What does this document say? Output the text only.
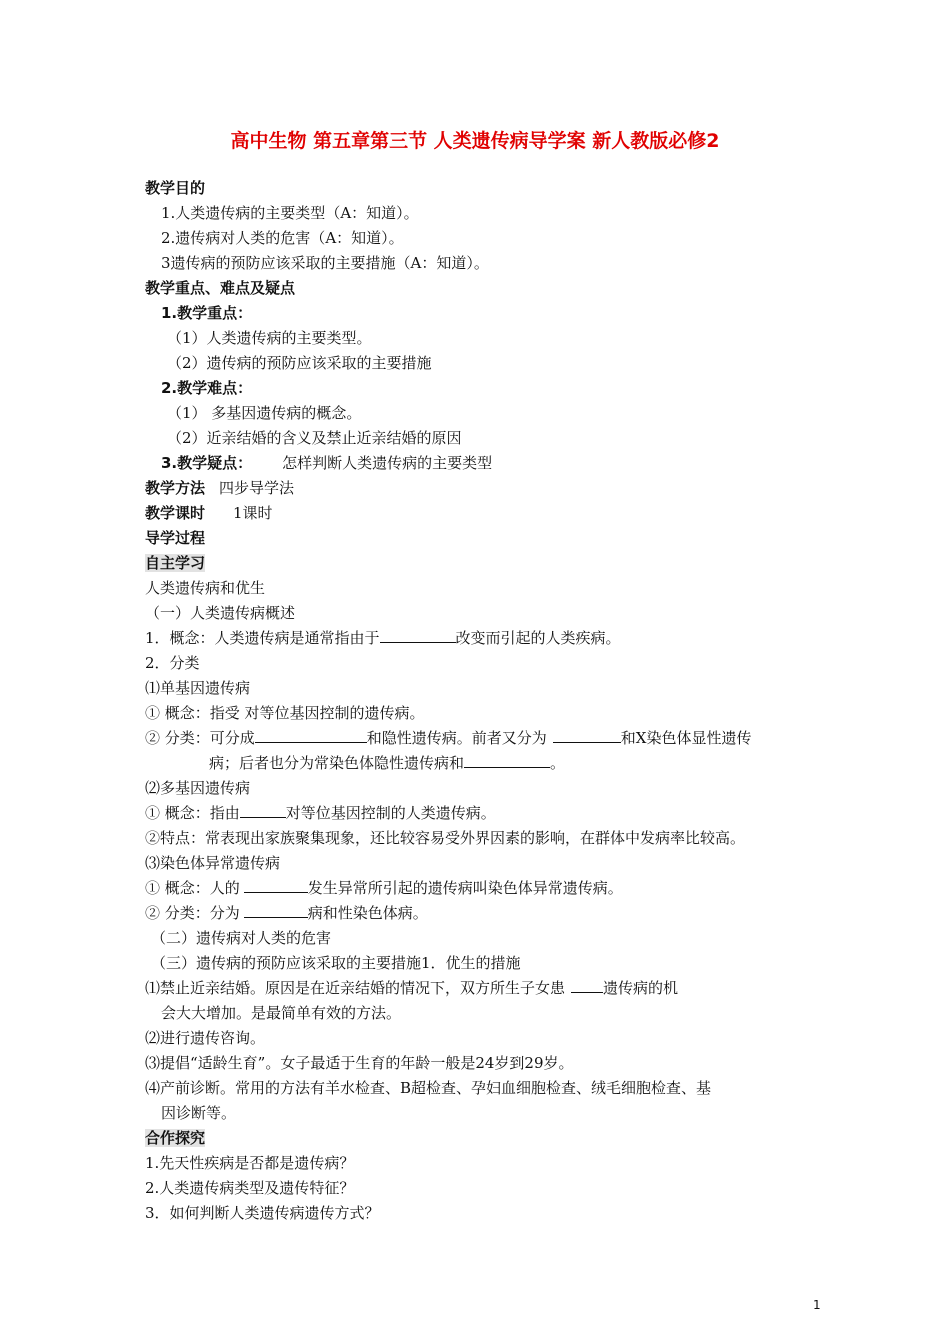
高中生物 第五章第三节 人类遗传病导学案 新人教版必修2
教学目的
1.人类遗传病的主要类型（A：知道）。
2.遗传病对人类的危害（A：知道）。
3遗传病的预防应该采取的主要措施（A：知道）。
教学重点、难点及疑点
1.教学重点：
（1）人类遗传病的主要类型。
（2）遗传病的预防应该采取的主要措施
2.教学难点：
（1） 多基因遗传病的概念。
（2）近亲结婚的含义及禁止近亲结婚的原因
3.教学疑点： 怎样判断人类遗传病的主要类型
教学方法 四步导学法
教学课时 1课时
导学过程
自主学习
人类遗传病和优生
（一）人类遗传病概述
1．概念：人类遗传病是通常指由于	改变而引起的人类疾病。
2．分类
⑴单基因遗传病
① 概念：指受 对等位基因控制的遗传病。
② 分类：可分成	和隐性遗传病。前者又分为	和X染色体显性遗传
病；后者也分为常染色体隐性遗传病和	。
⑵多基因遗传病
① 概念：指由	对等位基因控制的人类遗传病。
②特点：常表现出家族聚集现象，还比较容易受外界因素的影响，在群体中发病率比较高。
⑶染色体异常遗传病
① 概念：人的	发生异常所引起的遗传病叫染色体异常遗传病。
② 分类：分为	病和性染色体病。
（二）遗传病对人类的危害
（三）遗传病的预防应该采取的主要措施1．优生的措施
⑴禁止近亲结婚。原因是在近亲结婚的情况下，双方所生子女患	遗传病的机
会大大增加。是最简单有效的方法。
⑵进行遗传咨询。
⑶提倡“适龄生育”。女子最适于生育的年龄一般是24岁到29岁。
⑷产前诊断。常用的方法有羊水检查、B超检查、孕妇血细胞检查、绒毛细胞检查、基
因诊断等。
合作探究
1.先天性疾病是否都是遗传病？
2.人类遗传病类型及遗传特征？
3．如何判断人类遗传病遗传方式？
1
